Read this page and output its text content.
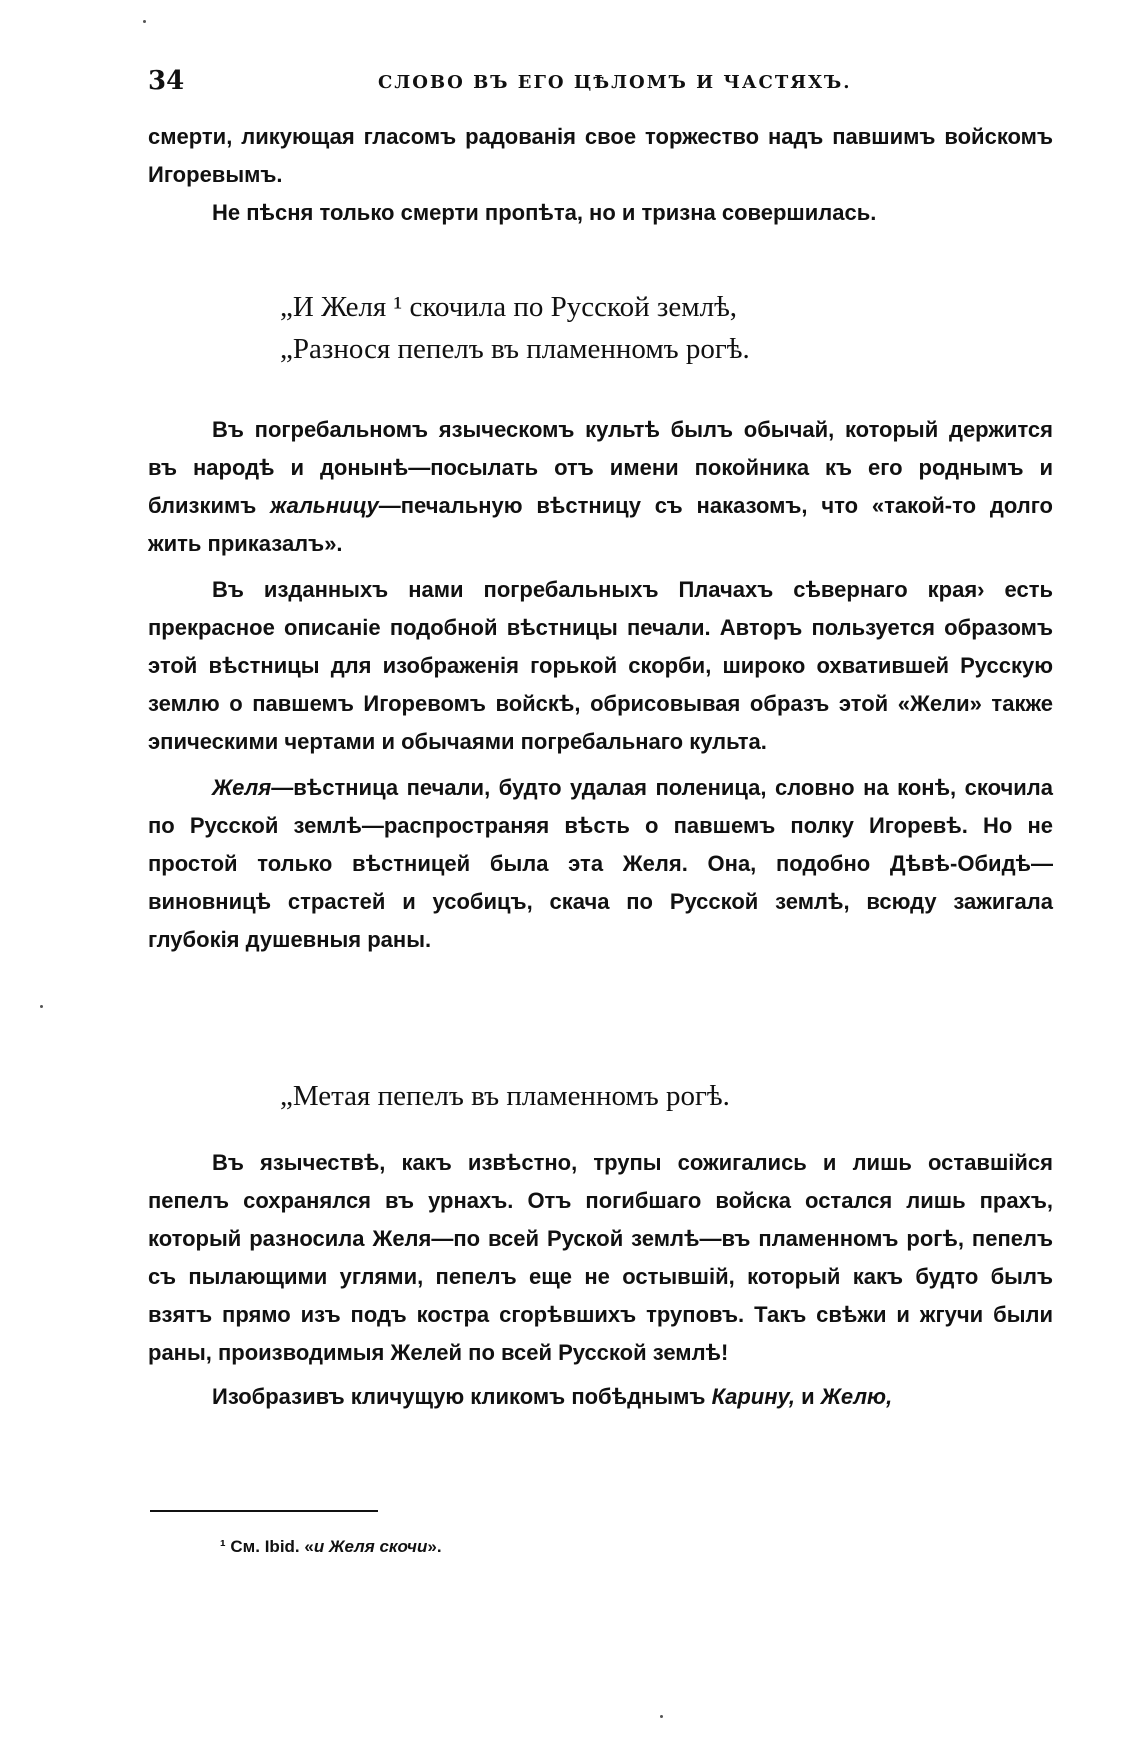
34	СЛОВО ВЪ ЕГО ЦѢЛОМЪ И ЧАСТЯХЪ.

смерти, ликующая гласомъ радованія свое торжество надъ павшимъ войскомъ Игоревымъ.

Не пѣсня только смерти пропѣта, но и тризна совершилась.

„И Желя ¹ скочила по Русской землѣ,

„Разнося пепелъ въ пламенномъ рогѣ.

Въ погребальномъ языческомъ культѣ былъ обычай, который держится въ народѣ и донынѣ—посылать отъ имени покойника къ его роднымъ и близкимъ жальницу—печальную вѣстницу съ наказомъ, что «такой-то долго жить приказалъ».

Въ изданныхъ нами погребальныхъ Плачахъ сѣвернаго края› есть прекрасное описаніе подобной вѣстницы печали. Авторъ пользуется образомъ этой вѣстницы для изображенія горькой скорби, широко охватившей Русскую землю о павшемъ Игоревомъ войскѣ, обрисовывая образъ этой «Жели» также эпическими чертами и обычаями погребальнаго культа.

Желя—вѣстница печали, будто удалая поленица, словно на конѣ, скочила по Русской землѣ—распространяя вѣсть о павшемъ полку Игоревѣ. Но не простой только вѣстницей была эта Желя. Она, подобно Дѣвѣ-Обидѣ—виновницѣ страстей и усобицъ, скача по Русской землѣ, всюду зажигала глубокія душевныя раны.

„Метая пепелъ въ пламенномъ рогѣ.

Въ язычествѣ, какъ извѣстно, трупы сожигались и лишь оставшійся пепелъ сохранялся въ урнахъ. Отъ погибшаго войска остался лишь прахъ, который разносила Желя—по всей Руской землѣ—въ пламенномъ рогѣ, пепелъ съ пылающими углями, пепелъ еще не остывшій, который какъ будто былъ взятъ прямо изъ подъ костра сгорѣвшихъ труповъ. Такъ свѣжи и жгучи были раны, производимыя Желей по всей Русской землѣ!

Изобразивъ кличущую кликомъ побѣднымъ Карину, и Желю,

¹ См. Ibid. «и Желя скочи».
